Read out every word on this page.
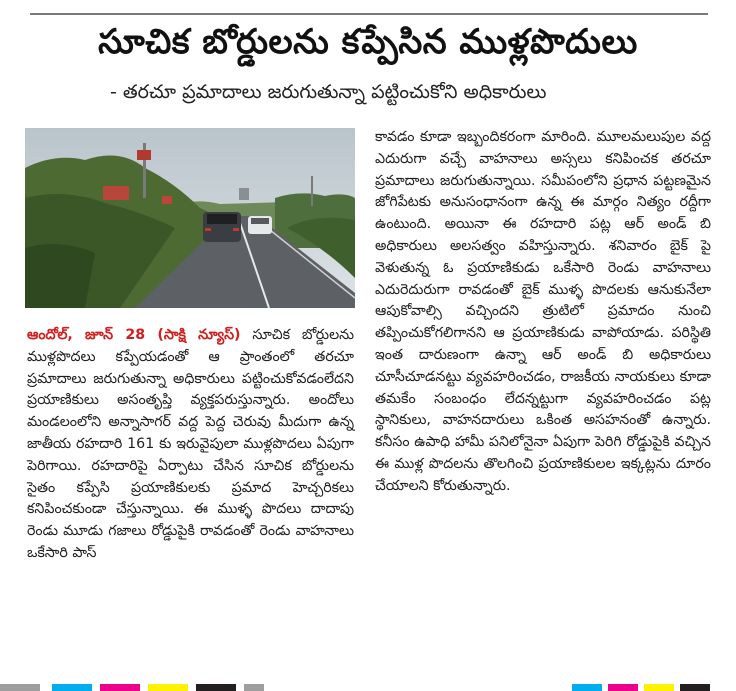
సూచిక బోర్డులను కప్పేసిన ముళ్లపొదులు
- తరచూ ప్రమాదాలు జరుగుతున్నా పట్టించుకోని అధికారులు
ఆందోల్, జూన్ 28 (సాక్షి న్యూస్) సూచిక బోర్డులను ముళ్లపొదలు కప్పేయడంతో ఆ ప్రాంతంలో తరచూ ప్రమాదాలు జరుగుతున్నా అధికారులు పట్టించుకోవడంలేదని ప్రయాణికులు అసంతృప్తి వ్యక్తపరుస్తున్నారు. అందోలు మండలంలోని అన్నాసాగర్ వద్ద పెద్ద చెరువు మీదుగా ఉన్న జాతీయ రహదారి 161 కు ఇరువైపులా ముళ్లపొదలు ఏపుగా పెరిగాయి. రహదారిపై ఏర్పాటు చేసిన సూచిక బోర్డులను సైతం కప్పేసి ప్రయాణికులకు ప్రమాద హెచ్చరికలు కనిపించకుండా చేస్తున్నాయి. ఈ ముళ్ళ పొదలు దాదాపు రెండు మూడు గజాలు రోడ్డుపైకి రావడంతో రెండు వాహనాలు ఒకేసారి పాస్
కావడం కూడా ఇబ్బందికరంగా మారింది. మూలమలుపుల వద్ద ఎదురుగా వచ్చే వాహనాలు అస్సలు కనిపించక తరచూ ప్రమాదాలు జరుగుతున్నాయి. సమీపంలోని ప్రధాన పట్టణమైన జోగిపేటకు అనుసంధానంగా ఉన్న ఈ మార్గం నిత్యం రద్దీగా ఉంటుంది. అయినా ఈ రహదారి పట్ల ఆర్ అండ్ బి అధికారులు అలసత్వం వహిస్తున్నారు. శనివారం బైక్ పై వెళుతున్న ఓ ప్రయాణికుడు ఒకేసారి రెండు వాహనాలు ఎదురెదురుగా రావడంతో బైక్ ముళ్ళ పొదలకు ఆనుకునేలా ఆపుకోవాల్సి వచ్చిందని త్రుటిలో ప్రమాదం నుంచి తప్పించుకోగలిగానని ఆ ప్రయాణికుడు వాపోయాడు. పరిస్థితి ఇంత దారుణంగా ఉన్నా ఆర్ అండ్ బి అధికారులు చూసీచూడనట్టు వ్యవహరించడం, రాజకీయ నాయకులు కూడా తమకేం సంబంధం లేదన్నట్టుగా వ్యవహరించడం పట్ల స్థానికులు, వాహనదారులు ఒకింత అసహనంతో ఉన్నారు. కనీసం ఉపాధి హామీ పనిలోనైనా ఏపుగా పెరిగి రోడ్డుపైకి వచ్చిన ఈ ముళ్ల పొదలను తొలగించి ప్రయాణికులల ఇక్కట్లను దూరం చేయాలని కోరుతున్నారు.
